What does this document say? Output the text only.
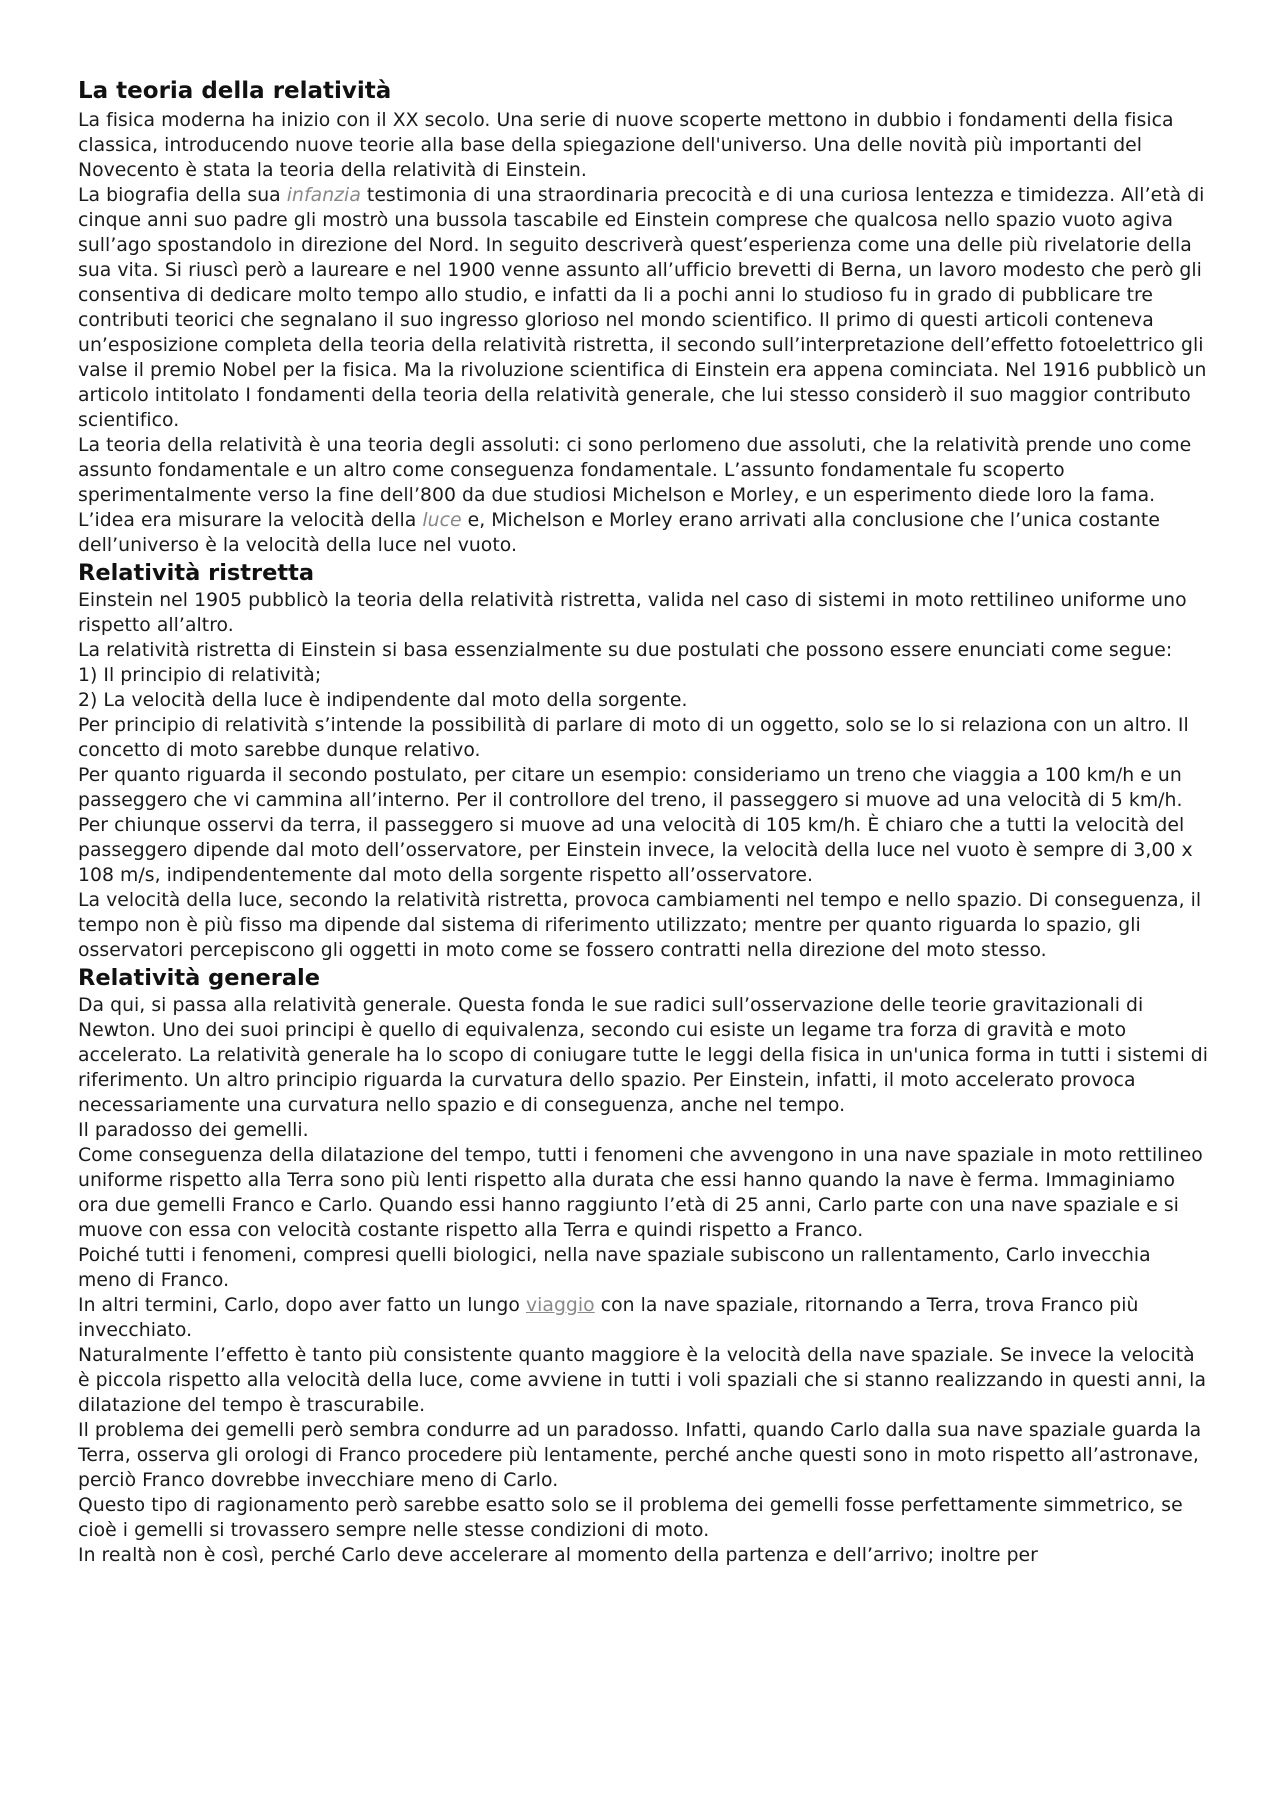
La teoria della relatività

La fisica moderna ha inizio con il XX secolo. Una serie di nuove scoperte mettono in dubbio i fondamenti della fisica classica, introducendo nuove teorie alla base della spiegazione dell'universo. Una delle novità più importanti del Novecento è stata la teoria della relatività di Einstein.

La biografia della sua infanzia testimonia di una straordinaria precocità e di una curiosa lentezza e timidezza. All’età di cinque anni suo padre gli mostrò una bussola tascabile ed Einstein comprese che qualcosa nello spazio vuoto agiva sull’ago spostandolo in direzione del Nord. In seguito descriverà quest’esperienza come una delle più rivelatorie della sua vita. Si riuscì però a laureare e nel 1900 venne assunto all’ufficio brevetti di Berna, un lavoro modesto che però gli consentiva di dedicare molto tempo allo studio, e infatti da li a pochi anni lo studioso fu in grado di pubblicare tre contributi teorici che segnalano il suo ingresso glorioso nel mondo scientifico. Il primo di questi articoli conteneva un’esposizione completa della teoria della relatività ristretta, il secondo sull’interpretazione dell’effetto fotoelettrico gli valse il premio Nobel per la fisica. Ma la rivoluzione scientifica di Einstein era appena cominciata. Nel 1916 pubblicò un articolo intitolato I fondamenti della teoria della relatività generale, che lui stesso considerò il suo maggior contributo scientifico.

La teoria della relatività è una teoria degli assoluti: ci sono perlomeno due assoluti, che la relatività prende uno come assunto fondamentale e un altro come conseguenza fondamentale. L’assunto fondamentale fu scoperto sperimentalmente verso la fine dell’800 da due studiosi Michelson e Morley, e un esperimento diede loro la fama. L’idea era misurare la velocità della luce e, Michelson e Morley erano arrivati alla conclusione che l’unica costante dell’universo è la velocità della luce nel vuoto.

Relatività ristretta

Einstein nel 1905 pubblicò la teoria della relatività ristretta, valida nel caso di sistemi in moto rettilineo uniforme uno rispetto all’altro.

La relatività ristretta di Einstein si basa essenzialmente su due postulati che possono essere enunciati come segue:

1) Il principio di relatività;

2) La velocità della luce è indipendente dal moto della sorgente.

Per principio di relatività s’intende la possibilità di parlare di moto di un oggetto, solo se lo si relaziona con un altro. Il concetto di moto sarebbe dunque relativo.

Per quanto riguarda il secondo postulato, per citare un esempio: consideriamo un treno che viaggia a 100 km/h e un passeggero che vi cammina all’interno. Per il controllore del treno, il passeggero si muove ad una velocità di 5 km/h. Per chiunque osservi da terra, il passeggero si muove ad una velocità di 105 km/h. È chiaro che a tutti la velocità del passeggero dipende dal moto dell’osservatore, per Einstein invece, la velocità della luce nel vuoto è sempre di 3,00 x 108 m/s, indipendentemente dal moto della sorgente rispetto all’osservatore.

La velocità della luce, secondo la relatività ristretta, provoca cambiamenti nel tempo e nello spazio. Di conseguenza, il tempo non è più fisso ma dipende dal sistema di riferimento utilizzato; mentre per quanto riguarda lo spazio, gli osservatori percepiscono gli oggetti in moto come se fossero contratti nella direzione del moto stesso.

Relatività generale

Da qui, si passa alla relatività generale. Questa fonda le sue radici sull’osservazione delle teorie gravitazionali di Newton. Uno dei suoi principi è quello di equivalenza, secondo cui esiste un legame tra forza di gravità e moto accelerato. La relatività generale ha lo scopo di coniugare tutte le leggi della fisica in un'unica forma in tutti i sistemi di riferimento. Un altro principio riguarda la curvatura dello spazio. Per Einstein, infatti, il moto accelerato provoca necessariamente una curvatura nello spazio e di conseguenza, anche nel tempo.

Il paradosso dei gemelli.

Come conseguenza della dilatazione del tempo, tutti i fenomeni che avvengono in una nave spaziale in moto rettilineo uniforme rispetto alla Terra sono più lenti rispetto alla durata che essi hanno quando la nave è ferma. Immaginiamo ora due gemelli Franco e Carlo. Quando essi hanno raggiunto l’età di 25 anni, Carlo parte con una nave spaziale e si muove con essa con velocità costante rispetto alla Terra e quindi rispetto a Franco.

Poiché tutti i fenomeni, compresi quelli biologici, nella nave spaziale subiscono un rallentamento, Carlo invecchia meno di Franco.

In altri termini, Carlo, dopo aver fatto un lungo viaggio con la nave spaziale, ritornando a Terra, trova Franco più invecchiato.

Naturalmente l’effetto è tanto più consistente quanto maggiore è la velocità della nave spaziale. Se invece la velocità è piccola rispetto alla velocità della luce, come avviene in tutti i voli spaziali che si stanno realizzando in questi anni, la dilatazione del tempo è trascurabile.

Il problema dei gemelli però sembra condurre ad un paradosso. Infatti, quando Carlo dalla sua nave spaziale guarda la Terra, osserva gli orologi di Franco procedere più lentamente, perché anche questi sono in moto rispetto all’astronave, perciò Franco dovrebbe invecchiare meno di Carlo.

Questo tipo di ragionamento però sarebbe esatto solo se il problema dei gemelli fosse perfettamente simmetrico, se cioè i gemelli si trovassero sempre nelle stesse condizioni di moto.

In realtà non è così, perché Carlo deve accelerare al momento della partenza e dell’arrivo; inoltre per
